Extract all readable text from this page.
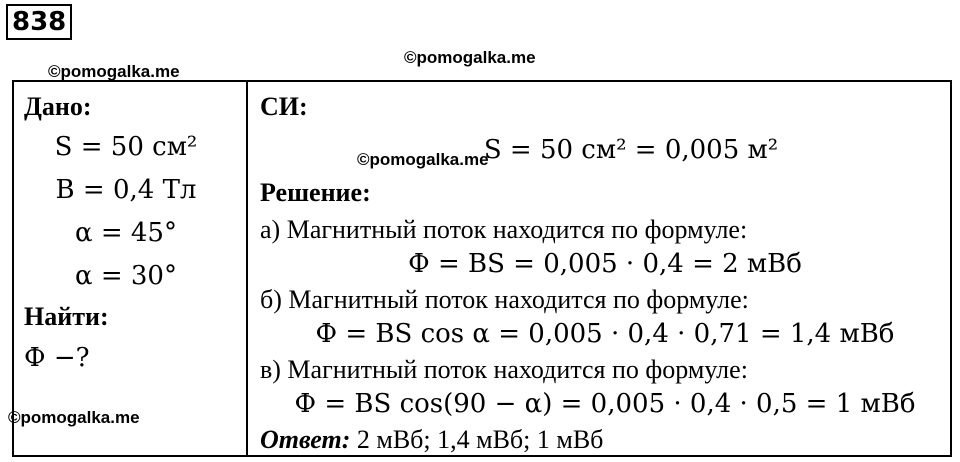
838
Дано:
S = 50 см²
B = 0,4 Тл
α = 45°
α = 30°
Найти:
Ф −?
СИ:
S = 50 см² = 0,005 м²
Решение:
а) Магнитный поток находится по формуле:
Ф = BS = 0,005 · 0,4 = 2 мВб
б) Магнитный поток находится по формуле:
Ф = BS cos α = 0,005 · 0,4 · 0,71 = 1,4 мВб
в) Магнитный поток находится по формуле:
Ф = BS cos(90 − α) = 0,005 · 0,4 · 0,5 = 1 мВб
Ответ: 2 мВб; 1,4 мВб; 1 мВб
©pomogalka.me
©pomogalka.me
©pomogalka.me
©pomogalka.me
